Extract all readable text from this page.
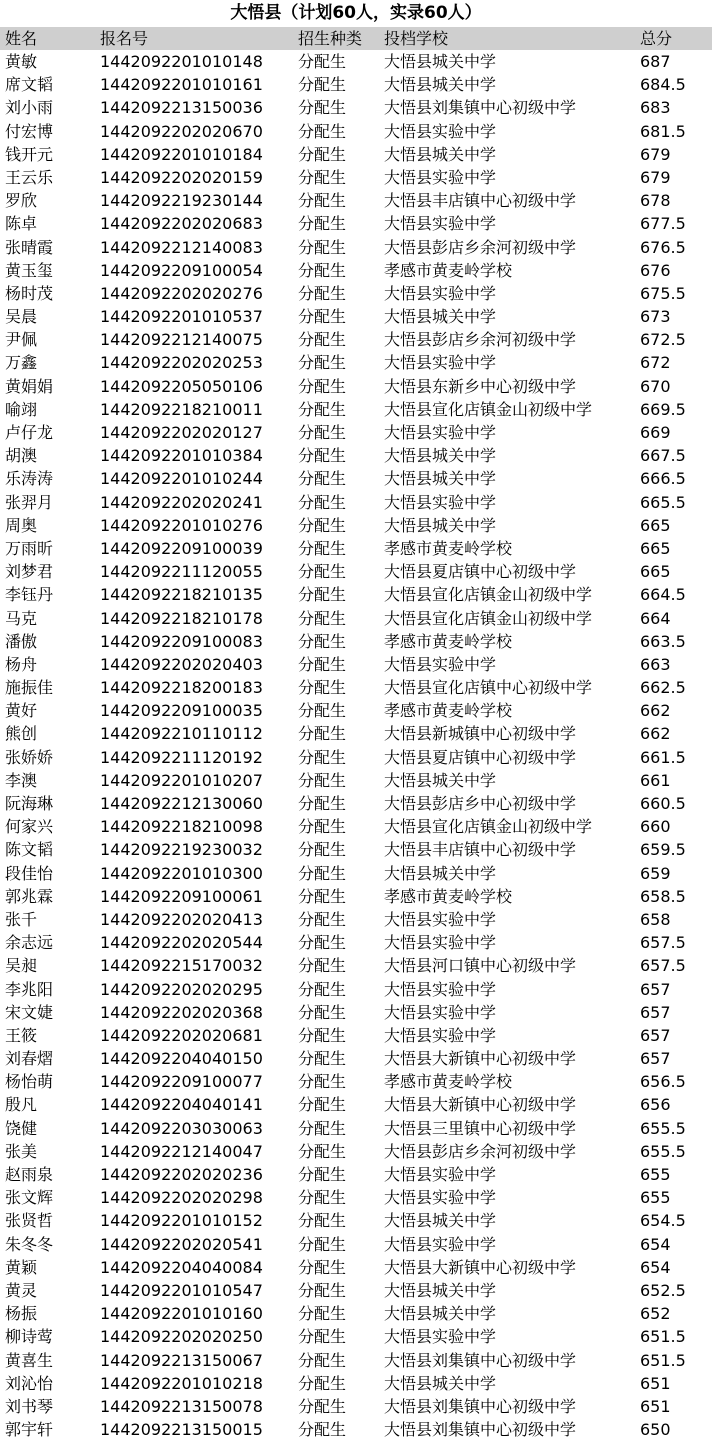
大悟县（计划60人，实录60人）
姓名	报名号	招生种类	投档学校	总分
黄敏	1442092201010148	分配生	大悟县城关中学	687
席文韬	1442092201010161	分配生	大悟县城关中学	684.5
刘小雨	1442092213150036	分配生	大悟县刘集镇中心初级中学	683
付宏博	1442092202020670	分配生	大悟县实验中学	681.5
钱开元	1442092201010184	分配生	大悟县城关中学	679
王云乐	1442092202020159	分配生	大悟县实验中学	679
罗欣	1442092219230144	分配生	大悟县丰店镇中心初级中学	678
陈卓	1442092202020683	分配生	大悟县实验中学	677.5
张晴霞	1442092212140083	分配生	大悟县彭店乡余河初级中学	676.5
黄玉玺	1442092209100054	分配生	孝感市黄麦岭学校	676
杨时茂	1442092202020276	分配生	大悟县实验中学	675.5
吴晨	1442092201010537	分配生	大悟县城关中学	673
尹佩	1442092212140075	分配生	大悟县彭店乡余河初级中学	672.5
万鑫	1442092202020253	分配生	大悟县实验中学	672
黄娟娟	1442092205050106	分配生	大悟县东新乡中心初级中学	670
喻翊	1442092218210011	分配生	大悟县宣化店镇金山初级中学	669.5
卢仔龙	1442092202020127	分配生	大悟县实验中学	669
胡澳	1442092201010384	分配生	大悟县城关中学	667.5
乐涛涛	1442092201010244	分配生	大悟县城关中学	666.5
张羿月	1442092202020241	分配生	大悟县实验中学	665.5
周奥	1442092201010276	分配生	大悟县城关中学	665
万雨昕	1442092209100039	分配生	孝感市黄麦岭学校	665
刘梦君	1442092211120055	分配生	大悟县夏店镇中心初级中学	665
李钰丹	1442092218210135	分配生	大悟县宣化店镇金山初级中学	664.5
马克	1442092218210178	分配生	大悟县宣化店镇金山初级中学	664
潘傲	1442092209100083	分配生	孝感市黄麦岭学校	663.5
杨舟	1442092202020403	分配生	大悟县实验中学	663
施振佳	1442092218200183	分配生	大悟县宣化店镇中心初级中学	662.5
黄好	1442092209100035	分配生	孝感市黄麦岭学校	662
熊创	1442092210110112	分配生	大悟县新城镇中心初级中学	662
张娇娇	1442092211120192	分配生	大悟县夏店镇中心初级中学	661.5
李澳	1442092201010207	分配生	大悟县城关中学	661
阮海琳	1442092212130060	分配生	大悟县彭店乡中心初级中学	660.5
何家兴	1442092218210098	分配生	大悟县宣化店镇金山初级中学	660
陈文韬	1442092219230032	分配生	大悟县丰店镇中心初级中学	659.5
段佳怡	1442092201010300	分配生	大悟县城关中学	659
郭兆霖	1442092209100061	分配生	孝感市黄麦岭学校	658.5
张千	1442092202020413	分配生	大悟县实验中学	658
余志远	1442092202020544	分配生	大悟县实验中学	657.5
吴昶	1442092215170032	分配生	大悟县河口镇中心初级中学	657.5
李兆阳	1442092202020295	分配生	大悟县实验中学	657
宋文婕	1442092202020368	分配生	大悟县实验中学	657
王筱	1442092202020681	分配生	大悟县实验中学	657
刘春熠	1442092204040150	分配生	大悟县大新镇中心初级中学	657
杨怡萌	1442092209100077	分配生	孝感市黄麦岭学校	656.5
殷凡	1442092204040141	分配生	大悟县大新镇中心初级中学	656
饶健	1442092203030063	分配生	大悟县三里镇中心初级中学	655.5
张美	1442092212140047	分配生	大悟县彭店乡余河初级中学	655.5
赵雨泉	1442092202020236	分配生	大悟县实验中学	655
张文辉	1442092202020298	分配生	大悟县实验中学	655
张贤哲	1442092201010152	分配生	大悟县城关中学	654.5
朱冬冬	1442092202020541	分配生	大悟县实验中学	654
黄颖	1442092204040084	分配生	大悟县大新镇中心初级中学	654
黄灵	1442092201010547	分配生	大悟县城关中学	652.5
杨振	1442092201010160	分配生	大悟县城关中学	652
柳诗莺	1442092202020250	分配生	大悟县实验中学	651.5
黄喜生	1442092213150067	分配生	大悟县刘集镇中心初级中学	651.5
刘沁怡	1442092201010218	分配生	大悟县城关中学	651
刘书琴	1442092213150078	分配生	大悟县刘集镇中心初级中学	651
郭宇轩	1442092213150015	分配生	大悟县刘集镇中心初级中学	650
